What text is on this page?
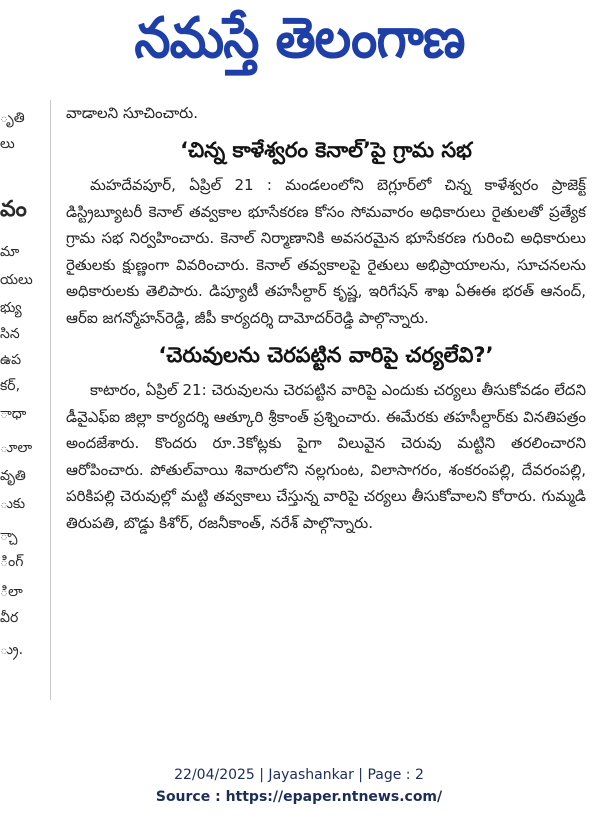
నమస్తే తెలంగాణ
ృతి
లు
వం
మా
యలు
భ్యు
సిన
ఉప
కర్,
ాధా
ూలా
వృతి
ుకు
్చా
ింగ్
ిలా
వీర
్రు.

వాడాలని సూచించారు.

‘చిన్న కాళేశ్వరం కెనాల్’పై గ్రామ సభ

మహదేవపూర్, ఏప్రిల్ 21 : మండలంలోని బెగ్లూర్‌లో చిన్న కాళేశ్వరం ప్రాజెక్ట్ డిస్ట్రిబ్యూటరీ కెనాల్ తవ్వకాల భూసేకరణ కోసం సోమవారం అధికారులు రైతులతో ప్రత్యేక గ్రామ సభ నిర్వహించారు. కెనాల్ నిర్మాణానికి అవసరమైన భూసేకరణ గురించి అధికారులు రైతులకు క్షుణ్ణంగా వివరించారు. కెనాల్ తవ్వకాలపై రైతులు అభిప్రాయాలను, సూచనలను అధికారులకు తెలిపారు. డిప్యూటీ తహసీల్దార్ కృష్ణ, ఇరిగేషన్ శాఖ ఏఈఈ భరత్ ఆనంద్, ఆర్‌ఐ జగన్మోహన్‌రెడ్డి, జీపీ కార్యదర్శి దామోదర్‌రెడ్డి పాల్గొన్నారు.

‘చెరువులను చెరపట్టిన వారిపై చర్యలేవి?’

కాటారం, ఏప్రిల్ 21: చెరువులను చెరపట్టిన వారిపై ఎందుకు చర్యలు తీసుకోవడం లేదని డీవైఎఫ్‌ఐ జిల్లా కార్యదర్శి ఆత్కూరి శ్రీకాంత్ ప్రశ్నించారు. ఈమేరకు తహసీల్దార్‌కు వినతిపత్రం అందజేశారు. కొందరు రూ.3కోట్లకు పైగా విలువైన చెరువు మట్టిని తరలించారని ఆరోపించారు. పోతుల్‌వాయి శివారులోని నల్లగుంట, విలాసాగరం, శంకరంపల్లి, దేవరంపల్లి, పరికిపల్లి చెరువుల్లో మట్టి తవ్వకాలు చేస్తున్న వారిపై చర్యలు తీసుకోవాలని కోరారు. గుమ్మడి తిరుపతి, బొడ్డు కిశోర్, రజనీకాంత్, నరేశ్ పాల్గొన్నారు.

22/04/2025 | Jayashankar | Page : 2
Source : https://epaper.ntnews.com/
